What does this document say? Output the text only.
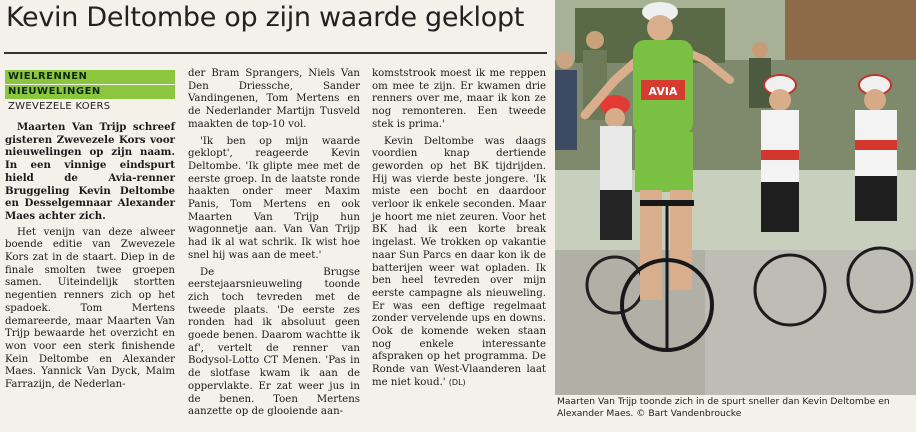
Kevin Deltombe op zijn waarde geklopt
WIELRENNEN
NIEUWELINGEN
ZWEVEZELE KOERS

Maarten Van Trijp schreef gisteren Zwevezele Kors voor nieuwelingen op zijn naam. In een vinnige eindspurt hield de Avia-renner Bruggeling Kevin Deltombe en Desselgemnaar Alexander Maes achter zich.

Het venijn van deze alweer boende editie van Zwevezele Kors zat in de staart. Diep in de finale smolten twee groepen samen. Uiteindelijk stortten negentien renners zich op het spadoek. Tom Mertens demareerde, maar Maarten Van Trijp bewaarde het overzicht en won voor een sterk finishende Kein Deltombe en Alexander Maes. Yannick Van Dyck, Maim Farrazijn, de Nederlan-

der Bram Sprangers, Niels Van Den Driessche, Sander Vandingenen, Tom Mertens en de Nederlander Martijn Tusveld maakten de top-10 vol.

'Ik ben op mijn waarde geklopt', reageerde Kevin Deltombe. 'Ik glipte mee met de eerste groep. In de laatste ronde haakten onder meer Maxim Panis, Tom Mertens en ook Maarten Van Trijp hun wagonnetje aan. Van Van Trijp had ik al wat schrik. Ik wist hoe snel hij was aan de meet.'

De Brugse eerstejaarsnieuweling toonde zich toch tevreden met de tweede plaats. 'De eerste zes ronden had ik absoluut geen goede benen. Daarom wachtte ik af', vertelt de renner van Bodysol-Lotto CT Menen. 'Pas in de slotfase kwam ik aan de oppervlakte. Er zat weer jus in de benen. Toen Mertens aanzette op de glooiende aan-

komststrook moest ik me reppen om mee te zijn. Er kwamen drie renners over me, maar ik kon ze nog remonteren. Een tweede stek is prima.'

Kevin Deltombe was daags voordien knap dertiende geworden op het BK tijdrijden. Hij was vierde beste jongere. 'Ik miste een bocht en daardoor verloor ik enkele seconden. Maar je hoort me niet zeuren. Voor het BK had ik een korte break ingelast. We trokken op vakantie naar Sun Parcs en daar kon ik de batterijen weer wat opladen. Ik ben heel tevreden over mijn eerste campagne als nieuweling. Er was een deftige regelmaat zonder vervelende ups en downs. Ook de komende weken staan nog enkele interessante afspraken op het programma. De Ronde van West-Vlaanderen laat me niet koud.' (DL)

AVIA
Maarten Van Trijp toonde zich in de spurt sneller dan Kevin Deltombe en Alexander Maes. © Bart Vandenbroucke
